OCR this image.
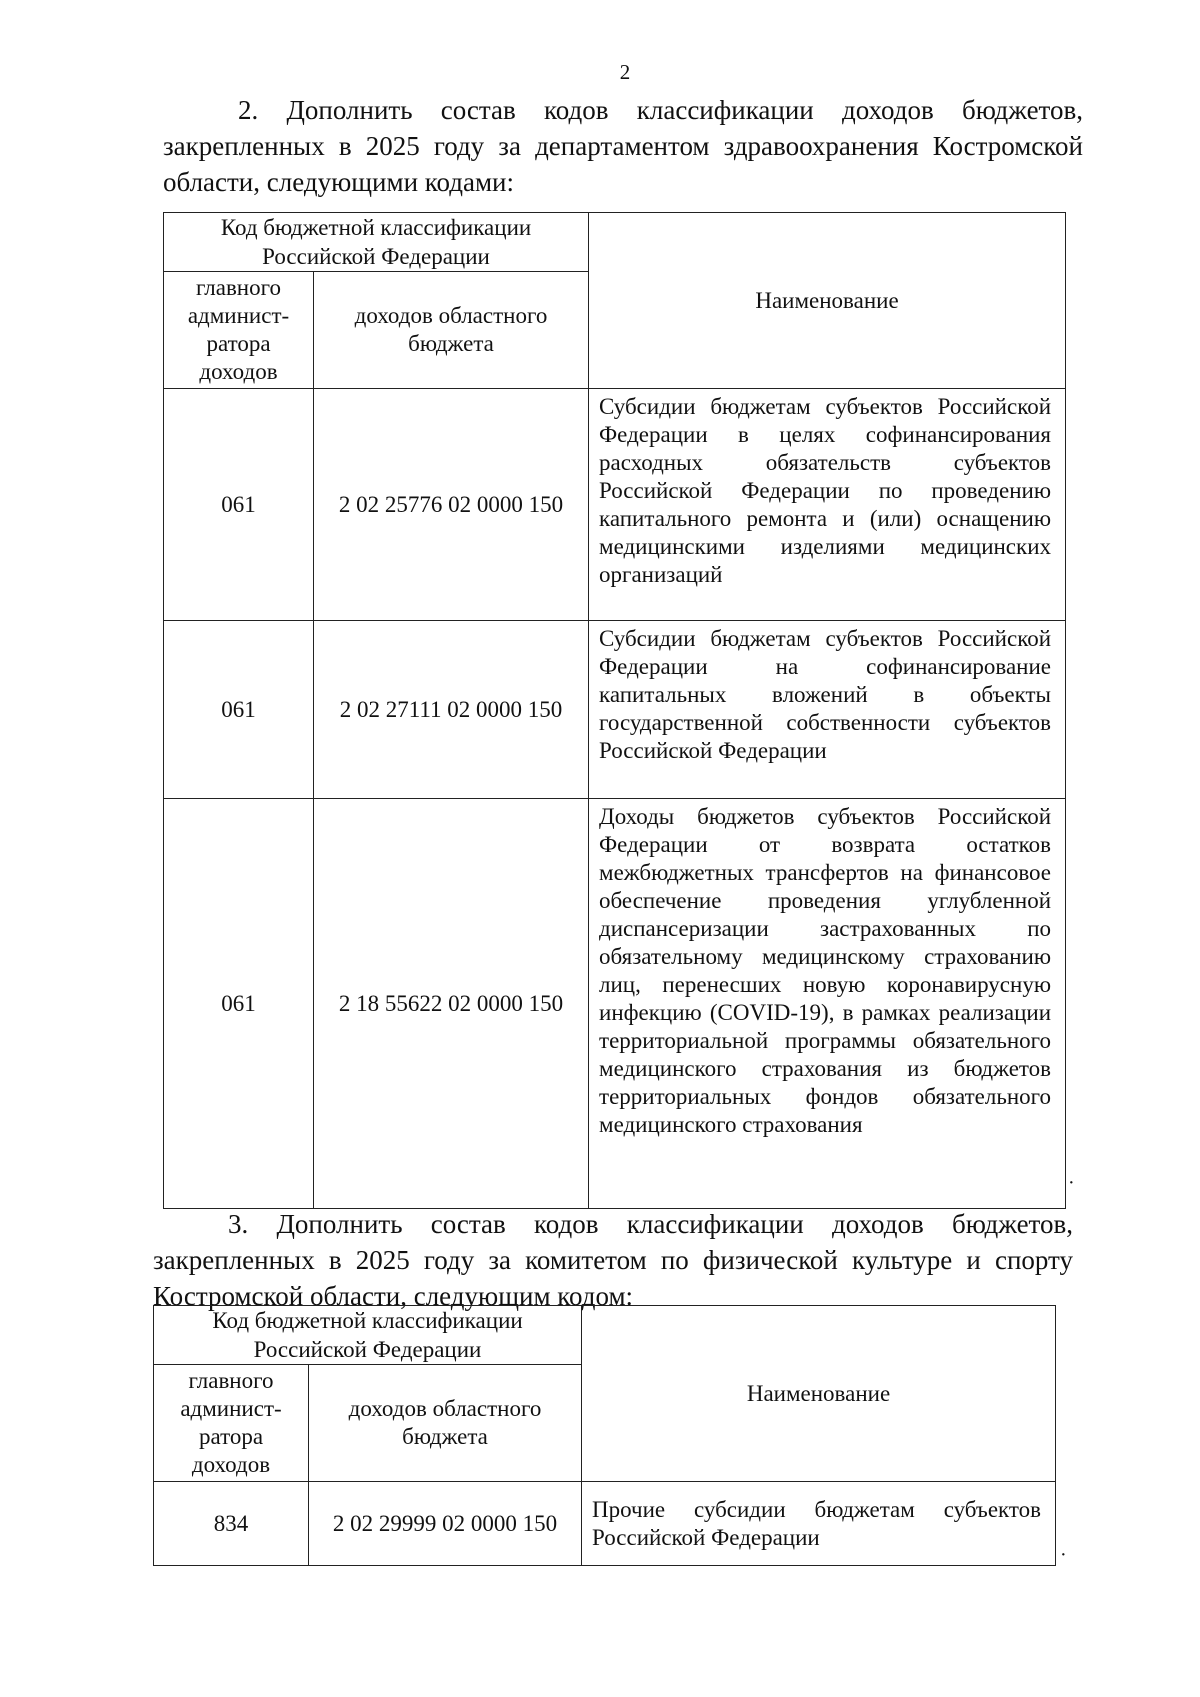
2

2. Дополнить состав кодов классификации доходов бюджетов, закрепленных в 2025 году за департаментом здравоохранения Костромской области, следующими кодами:

Код бюджетной классификации Российской Федерации		Наименование
главного админист- ратора доходов	доходов областного бюджета	
061	2 02 25776 02 0000 150	Субсидии бюджетам субъектов Российской Федерации в целях софинансирования расходных обязательств субъектов Российской Федерации по проведению капитального ремонта и (или) оснащению медицинскими изделиями медицинских организаций
061	2 02 27111 02 0000 150	Субсидии бюджетам субъектов Российской Федерации на софинансирование капитальных вложений в объекты государственной собственности субъектов Российской Федерации
061	2 18 55622 02 0000 150	Доходы бюджетов субъектов Российской Федерации от возврата остатков межбюджетных трансфертов на финансовое обеспечение проведения углубленной диспансеризации застрахованных по обязательному медицинскому страхованию лиц, перенесших новую коронавирусную инфекцию (COVID-19), в рамках реализации территориальной программы обязательного медицинского страхования из бюджетов территориальных фондов обязательного медицинского страхования
·

3. Дополнить состав кодов классификации доходов бюджетов, закрепленных в 2025 году за комитетом по физической культуре и спорту Костромской области, следующим кодом:

Код бюджетной классификации Российской Федерации		Наименование
главного админист- ратора доходов	доходов областного бюджета	
834	2 02 29999 02 0000 150	Прочие субсидии бюджетам субъектов Российской Федерации
·
